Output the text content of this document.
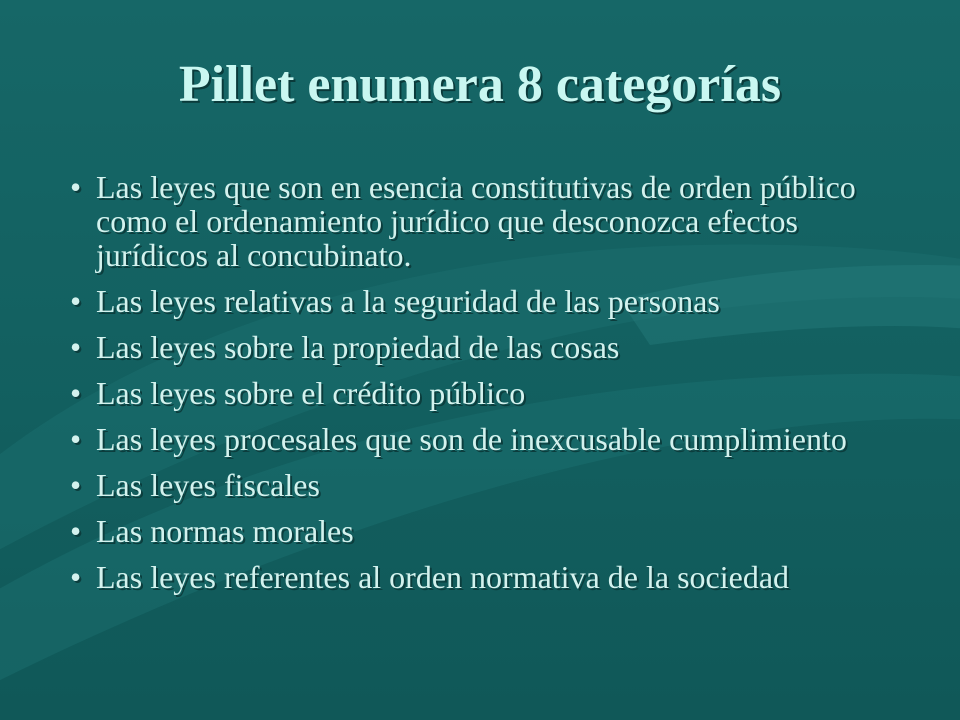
Pillet enumera 8 categorías
• Las leyes que son en esencia constitutivas de orden público como el ordenamiento jurídico que desconozca efectos jurídicos al concubinato.
• Las leyes relativas a la seguridad de las personas
• Las leyes sobre la propiedad de las cosas
• Las leyes sobre el crédito público
• Las leyes procesales que son de inexcusable cumplimiento
• Las leyes fiscales
• Las normas morales
• Las leyes referentes al orden normativa de la sociedad
